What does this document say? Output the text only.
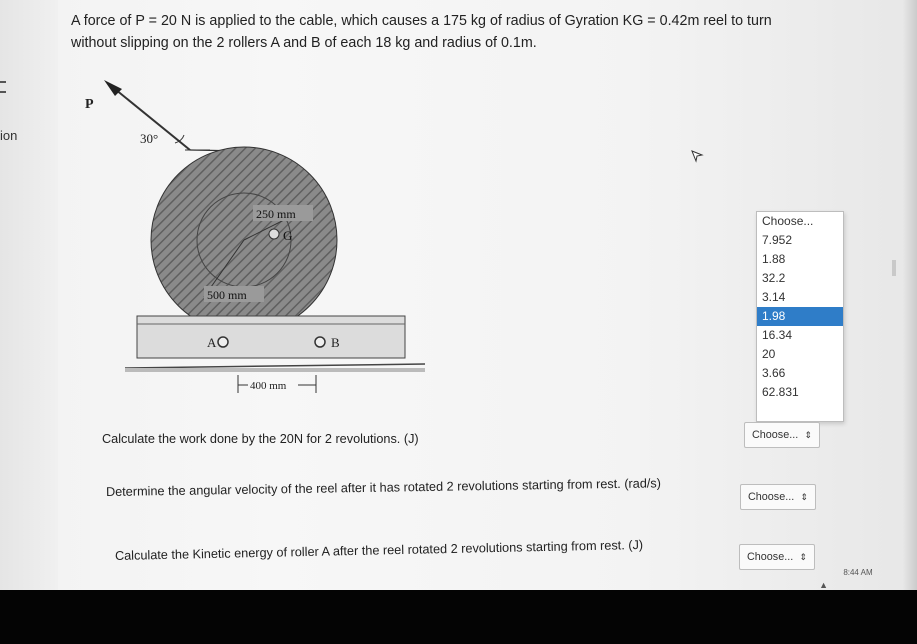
ion
A force of P = 20 N is applied to the cable, which causes a 175 kg of radius of Gyration KG = 0.42m reel to turn
without slipping on the 2 rollers A and B of each 18 kg and radius of 0.1m.
P
30°
250 mm
G
500 mm
A	B
400 mm
Choose...
7.952
1.88
32.2
3.14
1.98
16.34
20
3.66
62.831
Calculate the work done by the 20N for 2 revolutions. (J)	Choose... ⇕
Determine the angular velocity of the reel after it has rotated 2 revolutions starting from rest. (rad/s)	Choose... ⇕
Calculate the Kinetic energy of roller A after the reel rotated 2 revolutions starting from rest. (J)	Choose... ⇕
▲
8:44 AM
